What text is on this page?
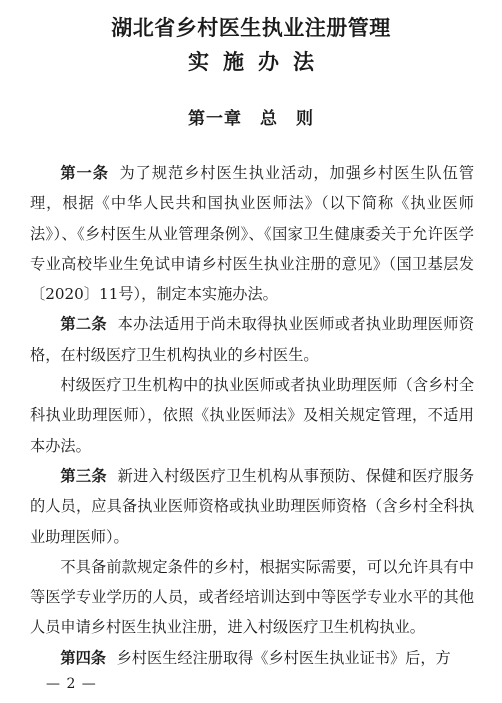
湖北省乡村医生执业注册管理
实施办法
第一章　总　则

第一条 为了规范乡村医生执业活动，加强乡村医生队伍管理，根据《中华人民共和国执业医师法》（以下简称《执业医师法》）、《乡村医生从业管理条例》、《国家卫生健康委关于允许医学专业高校毕业生免试申请乡村医生执业注册的意见》（国卫基层发〔2020〕11号），制定本实施办法。

第二条 本办法适用于尚未取得执业医师或者执业助理医师资格，在村级医疗卫生机构执业的乡村医生。

村级医疗卫生机构中的执业医师或者执业助理医师（含乡村全科执业助理医师），依照《执业医师法》及相关规定管理，不适用本办法。

第三条 新进入村级医疗卫生机构从事预防、保健和医疗服务的人员，应具备执业医师资格或执业助理医师资格（含乡村全科执业助理医师）。

不具备前款规定条件的乡村，根据实际需要，可以允许具有中等医学专业学历的人员，或者经培训达到中等医学专业水平的其他人员申请乡村医生执业注册，进入村级医疗卫生机构执业。

第四条 乡村医生经注册取得《乡村医生执业证书》后，方

— 2 —
